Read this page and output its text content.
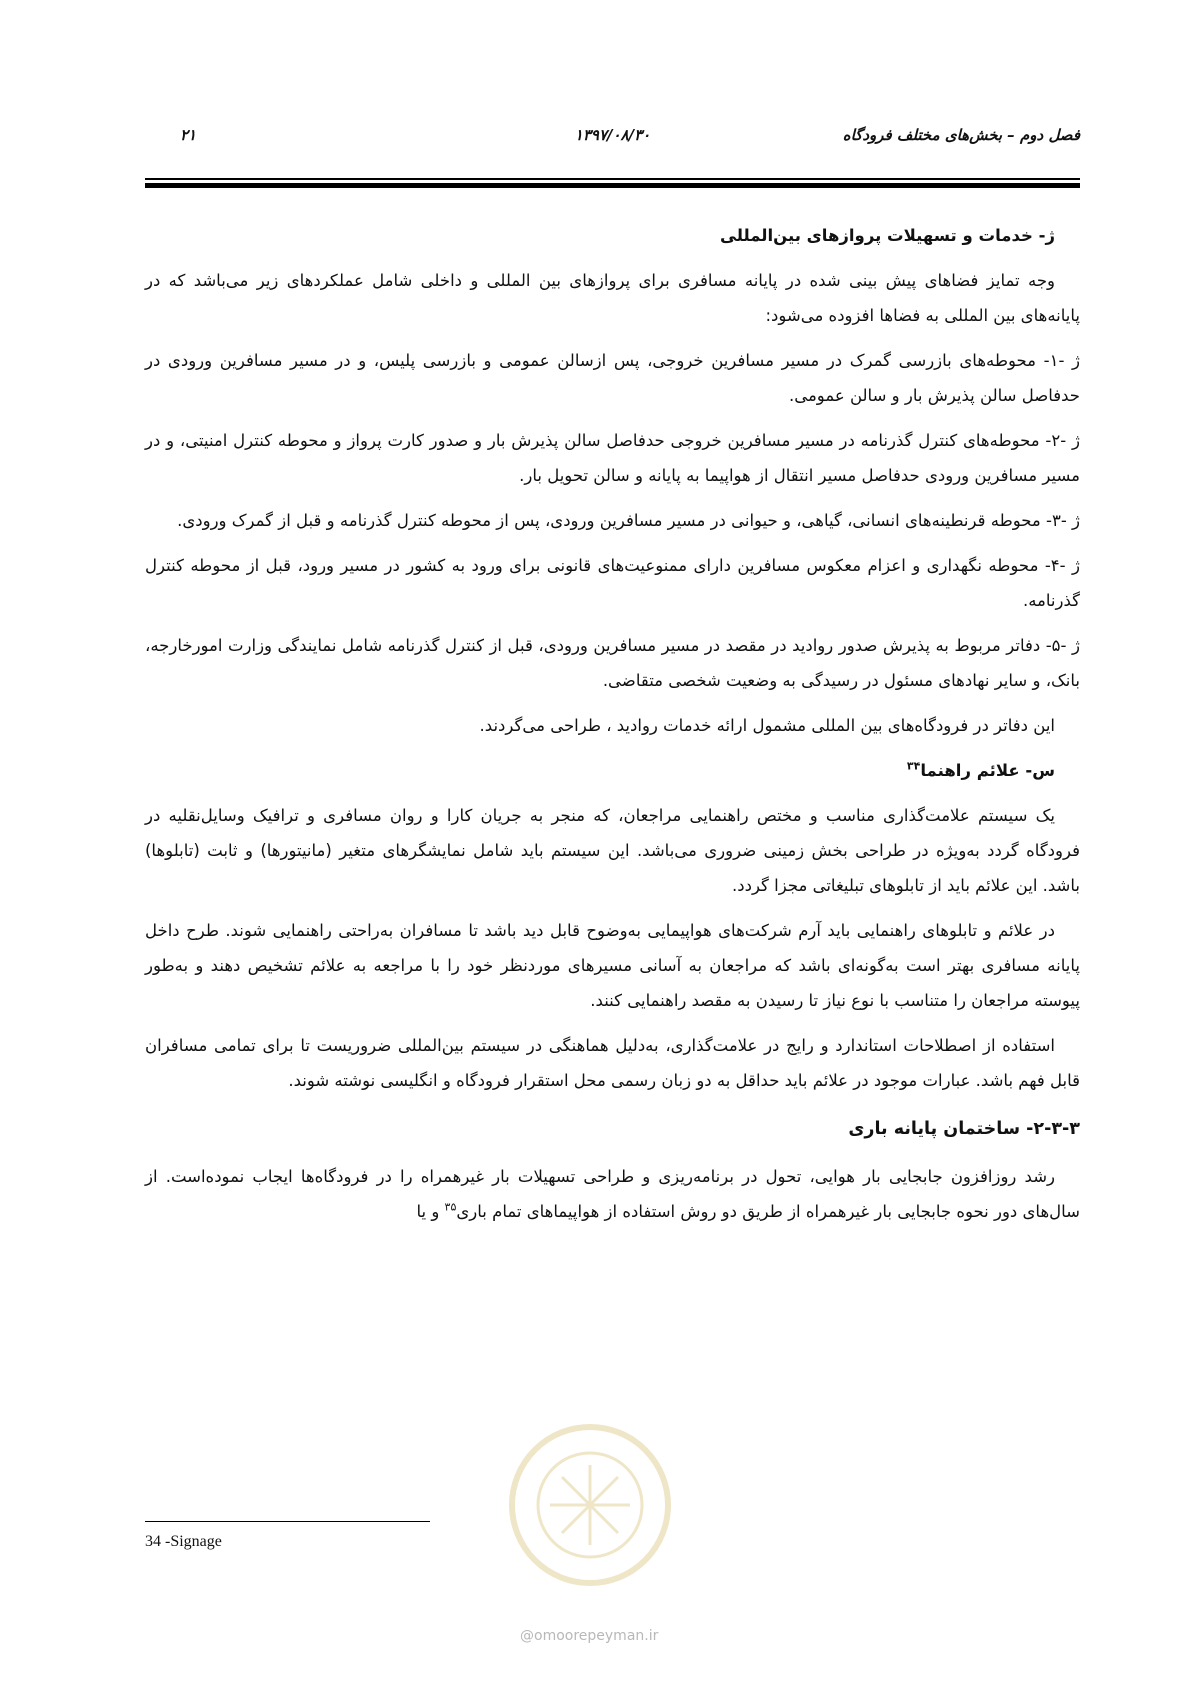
فصل دوم – بخش‌های مختلف فرودگاه
۱۳۹۷/۰۸/۳۰
۲۱
ژ- خدمات و تسهیلات پروازهای بین‌المللی

وجه تمایز فضاهای پیش بینی شده در پایانه مسافری برای پروازهای بین المللی و داخلی شامل عملکردهای زیر می‌باشد که در پایانه‌های بین المللی به فضاها افزوده می‌شود:

ژ -۱- محوطه‌های بازرسی گمرک در مسیر مسافرین خروجی، پس ازسالن عمومی و بازرسی پلیس، و در مسیر مسافرین ورودی در حدفاصل سالن پذیرش بار و سالن عمومی.

ژ -۲- محوطه‌های کنترل گذرنامه در مسیر مسافرین خروجی حدفاصل سالن پذیرش بار و صدور کارت پرواز و محوطه کنترل امنیتی، و در مسیر مسافرین ورودی حدفاصل مسیر انتقال از هواپیما به پایانه و سالن تحویل بار.

ژ -۳- محوطه قرنطینه‌های انسانی، گیاهی، و حیوانی در مسیر مسافرین ورودی، پس از محوطه کنترل گذرنامه و قبل از گمرک ورودی.

ژ -۴- محوطه نگهداری و اعزام معکوس مسافرین دارای ممنوعیت‌های قانونی برای ورود به کشور در مسیر ورود، قبل از محوطه کنترل گذرنامه.

ژ -۵- دفاتر مربوط به پذیرش صدور روادید در مقصد در مسیر مسافرین ورودی، قبل از کنترل گذرنامه شامل نمایندگی وزارت امورخارجه، بانک، و سایر نهادهای مسئول در رسیدگی به وضعیت شخصی متقاضی.

این دفاتر در فرودگاه‌های بین المللی مشمول ارائه خدمات روادید ، طراحی می‌گردند.

س- علائم راهنما$^{۳۴}$

یک سیستم علامت‌گذاری مناسب و مختص راهنمایی مراجعان، که منجر به جریان کارا و روان مسافری و ترافیک وسایل‌نقلیه در فرودگاه گردد به‌ویژه در طراحی بخش زمینی ضروری می‌باشد. این سیستم باید شامل نمایشگرهای متغیر (مانیتورها) و ثابت (تابلوها) باشد. این علائم باید از تابلوهای تبلیغاتی مجزا گردد.

در علائم و تابلوهای راهنمایی باید آرم شرکت‌های هواپیمایی به‌وضوح قابل دید باشد تا مسافران به‌راحتی راهنمایی شوند. طرح داخل پایانه مسافری بهتر است به‌گونه‌ای باشد که مراجعان به آسانی مسیرهای موردنظر خود را با مراجعه به علائم تشخیص دهند و به‌طور پیوسته مراجعان را متناسب با نوع نیاز تا رسیدن به مقصد راهنمایی کنند.

استفاده از اصطلاحات استاندارد و رایج در علامت‌گذاری، به‌دلیل هماهنگی در سیستم بین‌المللی ضروریست تا برای تمامی مسافران قابل فهم باشد. عبارات موجود در علائم باید حداقل به دو زبان رسمی محل استقرار فرودگاه و انگلیسی نوشته شوند.

۲-۳-۳- ساختمان پایانه باری

رشد روزافزون جابجایی بار هوایی، تحول در برنامه‌ریزی و طراحی تسهیلات بار غیرهمراه را در فرودگاه‌ها ایجاب نموده‌است. از سال‌های دور نحوه جابجایی بار غیرهمراه از طریق دو روش استفاده از هواپیماهای تمام باری$^{۳۵}$ و یا

@omoorepeyman.ir
34 -Signage
